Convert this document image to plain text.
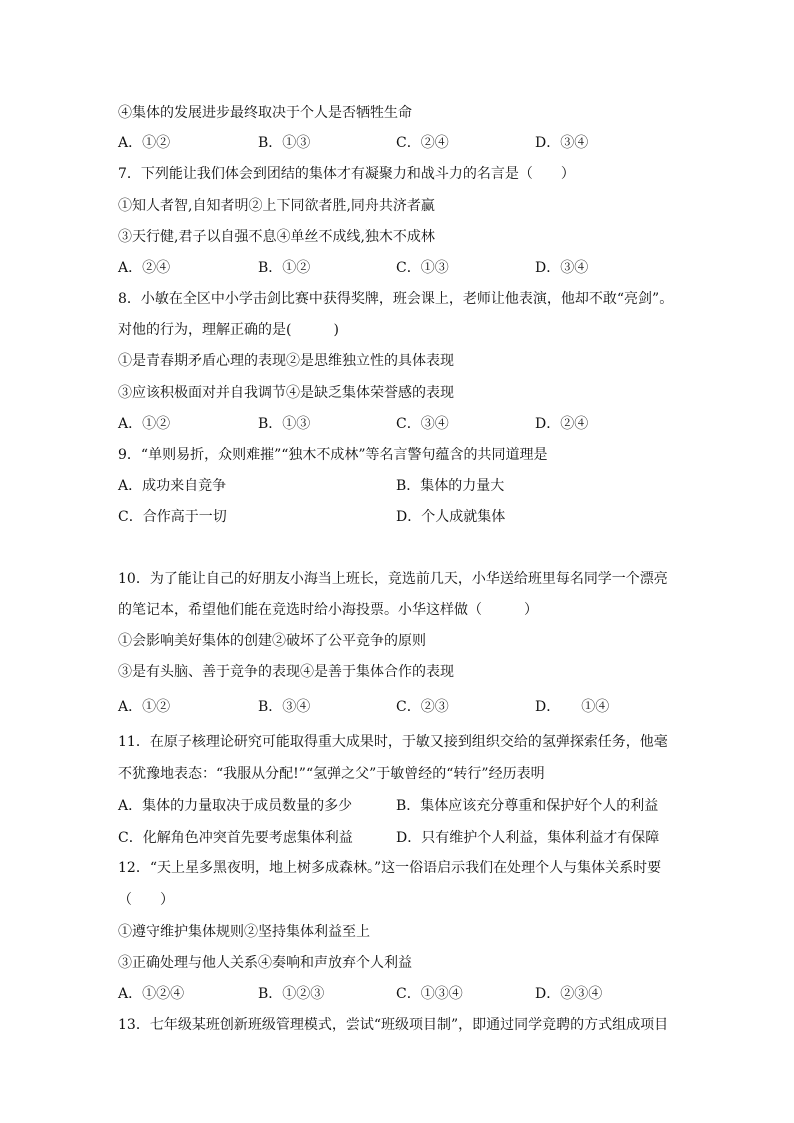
④集体的发展进步最终取决于个人是否牺牲生命
A．①②	B．①③	C．②④	D．③④
7．下列能让我们体会到团结的集体才有凝聚力和战斗力的名言是（　　）
①知人者智,自知者明②上下同欲者胜,同舟共济者赢
③天行健,君子以自强不息④单丝不成线,独木不成林
A．②④	B．①②	C．①③	D．③④
8．小敏在全区中小学击剑比赛中获得奖牌，班会课上，老师让他表演，他却不敢“亮剑”。
对他的行为，理解正确的是(　　　)
①是青春期矛盾心理的表现②是思维独立性的具体表现
③应该积极面对并自我调节④是缺乏集体荣誉感的表现
A．①②	B．①③	C．③④	D．②④
9．“单则易折，众则难摧”“独木不成林”等名言警句蕴含的共同道理是
A．成功来自竞争	B．集体的力量大
C．合作高于一切	D．个人成就集体
10．为了能让自己的好朋友小海当上班长，竞选前几天，小华送给班里每名同学一个漂亮
的笔记本，希望他们能在竞选时给小海投票。小华这样做（　　　）
①会影响美好集体的创建②破坏了公平竞争的原则
③是有头脑、善于竞争的表现④是善于集体合作的表现
A．①②	B．③④	C．②③	D．　　①④
11．在原子核理论研究可能取得重大成果时，于敏又接到组织交给的氢弹探索任务，他毫
不犹豫地表态：“我服从分配!”“氢弹之父”于敏曾经的“转行”经历表明
A．集体的力量取决于成员数量的多少	B．集体应该充分尊重和保护好个人的利益
C．化解角色冲突首先要考虑集体利益	D．只有维护个人利益，集体利益才有保障
12．“天上星多黑夜明，地上树多成森林。”这一俗语启示我们在处理个人与集体关系时要
（　　）
①遵守维护集体规则②坚持集体利益至上
③正确处理与他人关系④奏响和声放弃个人利益
A．①②④	B．①②③	C．①③④	D．②③④
13．七年级某班创新班级管理模式，尝试“班级项目制”，即通过同学竞聘的方式组成项目
